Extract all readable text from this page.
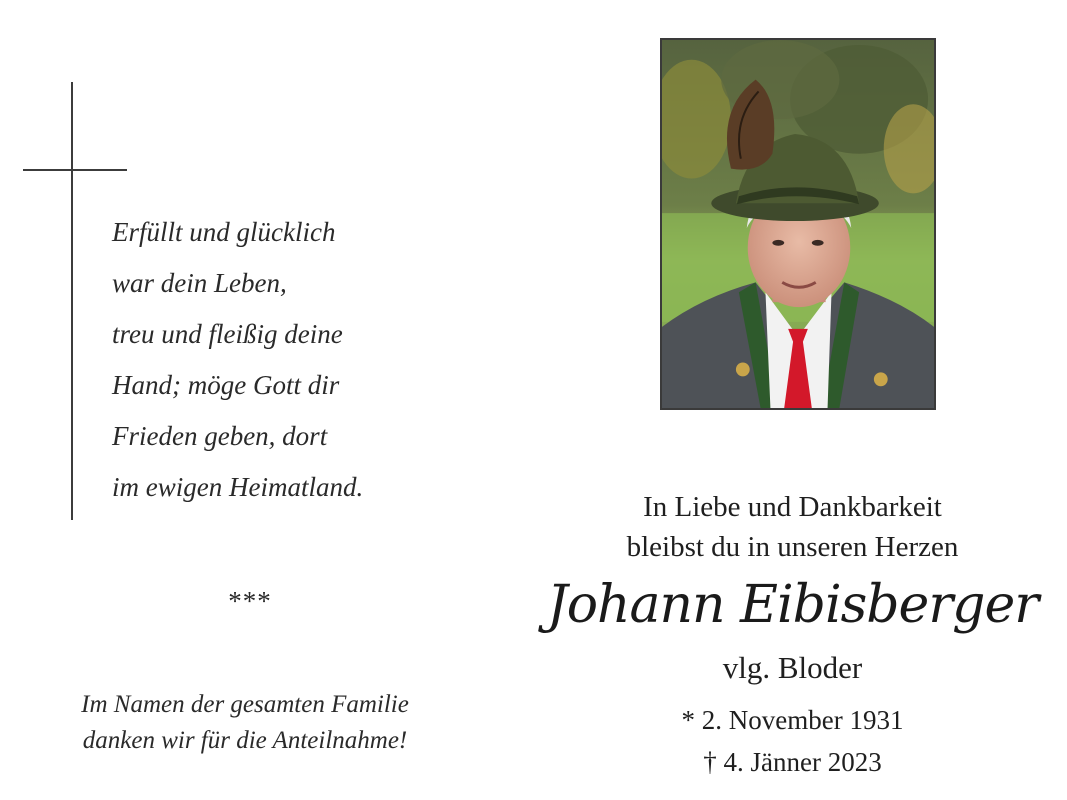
Erfüllt und glücklich
war dein Leben,
treu und fleißig deine
Hand; möge Gott dir
Frieden geben, dort
im ewigen Heimatland.
***
Im Namen der gesamten Familie
danken wir für die Anteilnahme!
In Liebe und Dankbarkeit
bleibst du in unseren Herzen
Johann Eibisberger
vlg. Bloder
* 2. November 1931
† 4. Jänner 2023
